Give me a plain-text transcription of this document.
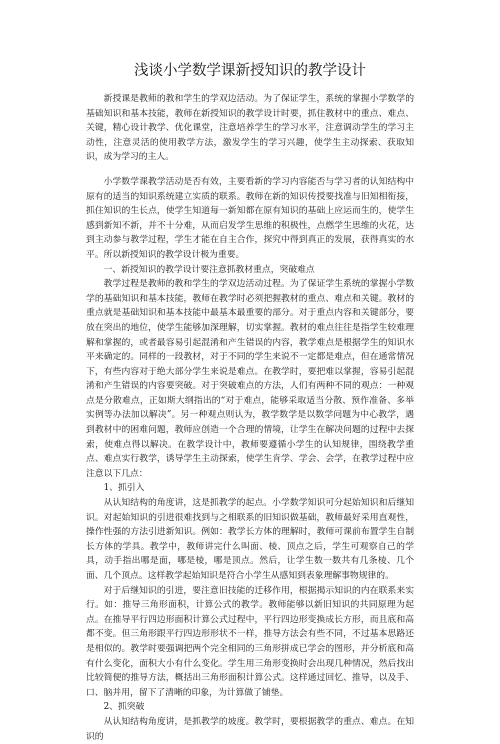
浅谈小学数学课新授知识的教学设计

新授课是教师的教和学生的学双边活动。为了保证学生，系统的掌握小学数学的基础知识和基本技能，教师在新授知识的教学设计时要，抓住教材中的重点、难点、关键，精心设计教学、优化课堂，注意培养学生的学习水平，注意调动学生的学习主动性，注意灵活的使用教学方法，激发学生的学习兴趣，使学生主动探索、获取知识，成为学习的主人。

小学数学课教学活动是否有效，主要看新的学习内容能否与学习者的认知结构中原有的适当的知识系统建立实质的联系。教师在新的知识传授要找准与旧知相衔接，抓住知识的生长点，使学生知道每一新知都在原有知识的基础上应运而生的，使学生感到新知不新，并不十分难，从而启发学生思维的积极性，点燃学生思维的火花，达到主动参与教学过程，学生才能在自主合作，探究中得到真正的发展，获得真实的水平。所以新授知识的教学设计极为重要。

一、新授知识的教学设计要注意抓教材重点，突破难点

教学过程是教师的教和学生的学双边活动过程。为了保证学生系统的掌握小学数学的基础知识和基本技能，教师在教学时必须把握教材的重点、难点和关键。教材的重点就是基础知识和基本技能中最基本最重要的部分。对于重点内容和关键部分，要放在突出的地位，使学生能够加深理解，切实掌握。教材的难点往往是指学生较难理解和掌握的，或者最容易引起混淆和产生错误的内容，教学难点是根据学生的知识水平来确定的。同样的一段教材，对于不同的学生来说不一定都是难点，但在通常情况下，有些内容对于绝大部分学生来说是难点。在教学时，要把难以掌握，容易引起混淆和产生错误的内容要突破。对于突破难点的方法，人们有两种不同的观点：一种观点是分散难点，正如斯大纲指出的“对于难点，能够采取适当分散、预作准备、多举实例等办法加以解决”。另一种观点则认为，教学数学是以数学问题为中心教学，遇到教材中的困难问题，教师应创造一个合理的情境，让学生在解决问题的过程中去探索，使难点得以解决。在教学设计中，教师要遵循小学生的认知规律，围绕教学重点、难点实行教学，诱导学生主动探索，使学生肯学、学会、会学，在教学过程中应注意以下几点：

1、抓引入

从认知结构的角度讲，这是抓教学的起点。小学数学知识可分起始知识和后继知识。对起始知识的引进很难找到与之相联系的旧知识做基础，教师最好采用直观性，操作性强的方法引进新知识。例如：教学长方体的理解时，教师可课前布置学生自制长方体的学具。教学中，教师讲完什么叫面、棱、顶点之后，学生可观察自己的学具，动手指出哪是面，哪是棱，哪是顶点。然后，让学生数一数共有几条棱、几个面、几个顶点。这样教学起始知识是符合小学生从感知到表象理解事物规律的。

对于后继知识的引进，要注意旧技能的迁移作用，根据揭示知识的内在联系来实行。如：推导三角形面积，计算公式的教学。教师能够以新旧知识的共同原理为起点。在推导平行四边形面积计算公式过程中，平行四边形变换成长方形，而且底和高都不变。但三角形跟平行四边形形状不一样，推导方法会有些不同，不过基本思路还是相似的。教学时要强调把两个完全相同的三角形拼成已学会的图形，并分析底和高有什么变化，面积大小有什么变化。学生用三角形变换时会出现几种情况，然后找出比较简便的推导方法，概括出三角形面积计算公式。这样通过回忆、推导，以及手、口、脑并用，留下了清晰的印象，为计算做了铺垫。

2、抓突破

从认知结构角度讲，是抓教学的坡度。教学时，要根据教学的重点、难点。在知识的
